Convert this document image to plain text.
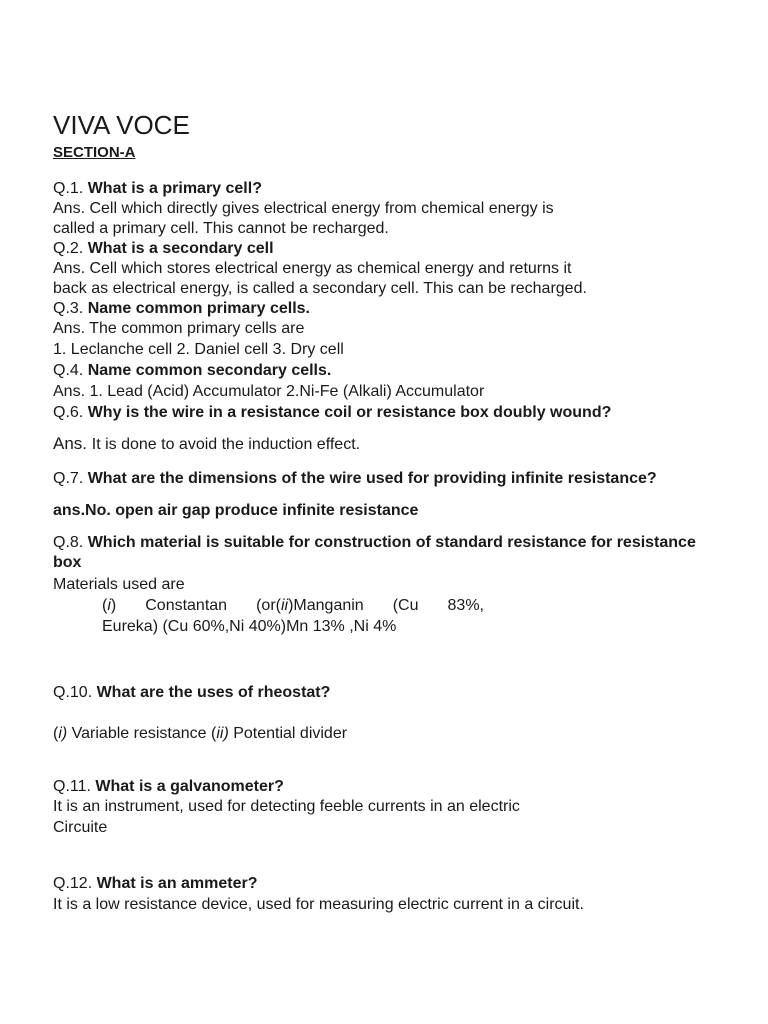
VIVA VOCE
SECTION-A
Q.1. What is a primary cell?
Ans. Cell which directly gives electrical energy from chemical energy is
called a primary cell. This cannot be recharged.
Q.2. What is a secondary cell
Ans. Cell which stores electrical energy as chemical energy and returns it
back as electrical energy, is called a secondary cell. This can be recharged.
Q.3. Name common primary cells.
Ans. The common primary cells are
1. Leclanche cell 2. Daniel cell 3. Dry cell
Q.4. Name common secondary cells.
Ans. 1. Lead (Acid) Accumulator 2.Ni-Fe (Alkali) Accumulator
Q.6. Why is the wire in a resistance coil or resistance box doubly wound?
Ans. It is done to avoid the induction effect.
Q.7. What are the dimensions of the wire used for providing infinite resistance?
ans.No. open air gap produce infinite resistance
Q.8. Which material is suitable for construction of standard resistance for resistance
box
Materials used are
(i) Constantan (or(ii)Manganin (Cu 83%,
Eureka) (Cu 60%,Ni 40%)Mn 13% ,Ni 4%
Q.10. What are the uses of rheostat?
(i) Variable resistance (ii) Potential divider
Q.11. What is a galvanometer?
It is an instrument, used for detecting feeble currents in an electric
Circuite
Q.12. What is an ammeter?
It is a low resistance device, used for measuring electric current in a circuit.
